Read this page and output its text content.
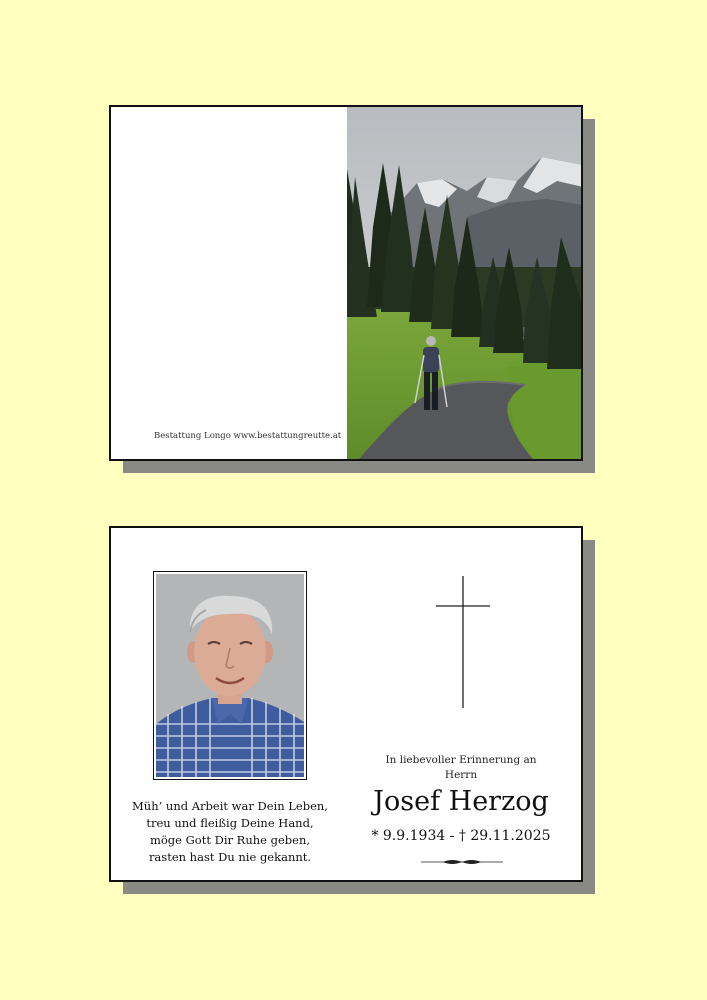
Bestattung Longo www.bestattungreutte.at
Müh’ und Arbeit war Dein Leben,
treu und fleißig Deine Hand,
möge Gott Dir Ruhe geben,
rasten hast Du nie gekannt.
In liebevoller Erinnerung an
Herrn
Josef Herzog
* 9.9.1934 - † 29.11.2025
